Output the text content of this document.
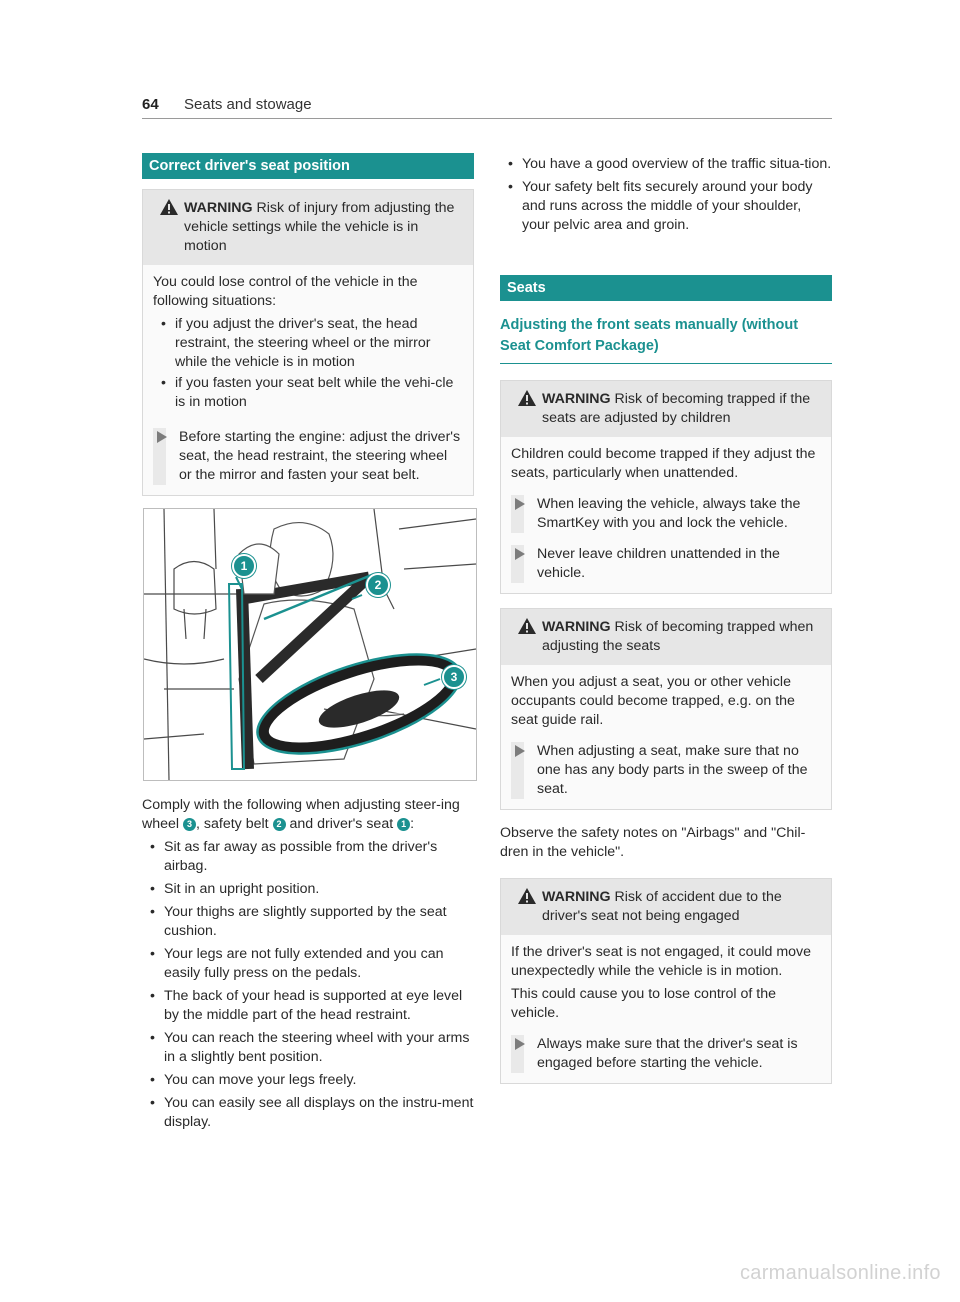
64 Seats and stowage
Correct driver's seat position
WARNING Risk of injury from adjusting the vehicle settings while the vehicle is in motion

You could lose control of the vehicle in the following situations:

• if you adjust the driver's seat, the head restraint, the steering wheel or the mirror while the vehicle is in motion
• if you fasten your seat belt while the vehi-cle is in motion
Before starting the engine: adjust the driver's seat, the head restraint, the steering wheel or the mirror and fasten your seat belt.
1
2
3

Comply with the following when adjusting steer-ing wheel 3 , safety belt 2 and driver's seat 1 :

• Sit as far away as possible from the driver's airbag.
• Sit in an upright position.
• Your thighs are slightly supported by the seat cushion.
• Your legs are not fully extended and you can easily fully press on the pedals.
• The back of your head is supported at eye level by the middle part of the head restraint.
• You can reach the steering wheel with your arms in a slightly bent position.
• You can move your legs freely.
• You can easily see all displays on the instru-ment display.
• You have a good overview of the traffic situa-tion.
• Your safety belt fits securely around your body and runs across the middle of your shoulder, your pelvic area and groin.
Seats
Adjusting the front seats manually (without Seat Comfort Package)
WARNING Risk of becoming trapped if the seats are adjusted by children

Children could become trapped if they adjust the seats, particularly when unattended.

When leaving the vehicle, always take the SmartKey with you and lock the vehicle.
Never leave children unattended in the vehicle.
WARNING Risk of becoming trapped when adjusting the seats

When you adjust a seat, you or other vehicle occupants could become trapped, e.g. on the seat guide rail.

When adjusting a seat, make sure that no one has any body parts in the sweep of the seat.

Observe the safety notes on "Airbags" and "Chil-dren in the vehicle".

WARNING Risk of accident due to the driver's seat not being engaged

If the driver's seat is not engaged, it could move unexpectedly while the vehicle is in motion.

This could cause you to lose control of the vehicle.

Always make sure that the driver's seat is engaged before starting the vehicle.
carmanualsonline.info
